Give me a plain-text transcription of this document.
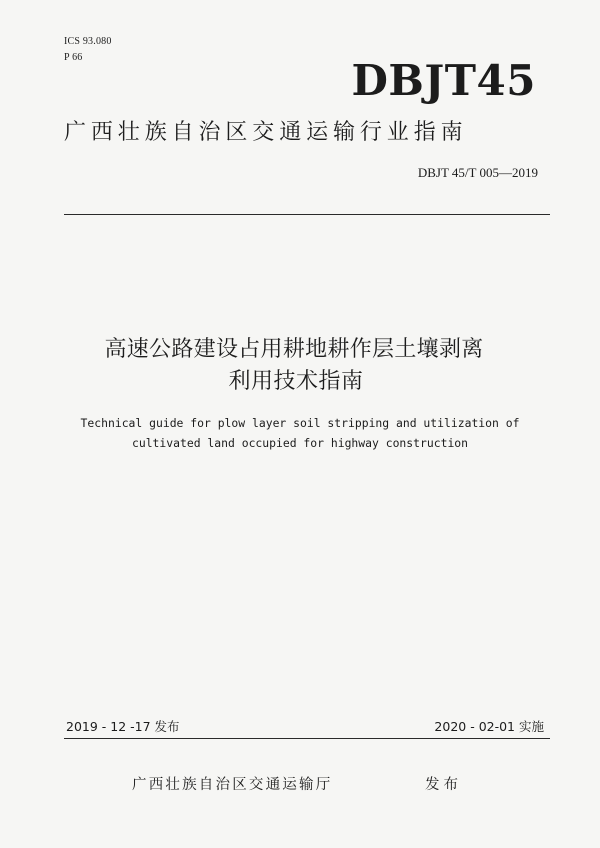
ICS 93.080
P 66	DBJT45
广西壮族自治区交通运输行业指南
DBJT 45/T 005—2019
高速公路建设占用耕地耕作层土壤剥离
利用技术指南
Technical guide for plow layer soil stripping and utilization of
cultivated land occupied for highway construction
2019 - 12 -17 发布	2020 - 02-01 实施
广西壮族自治区交通运输厅	发布
